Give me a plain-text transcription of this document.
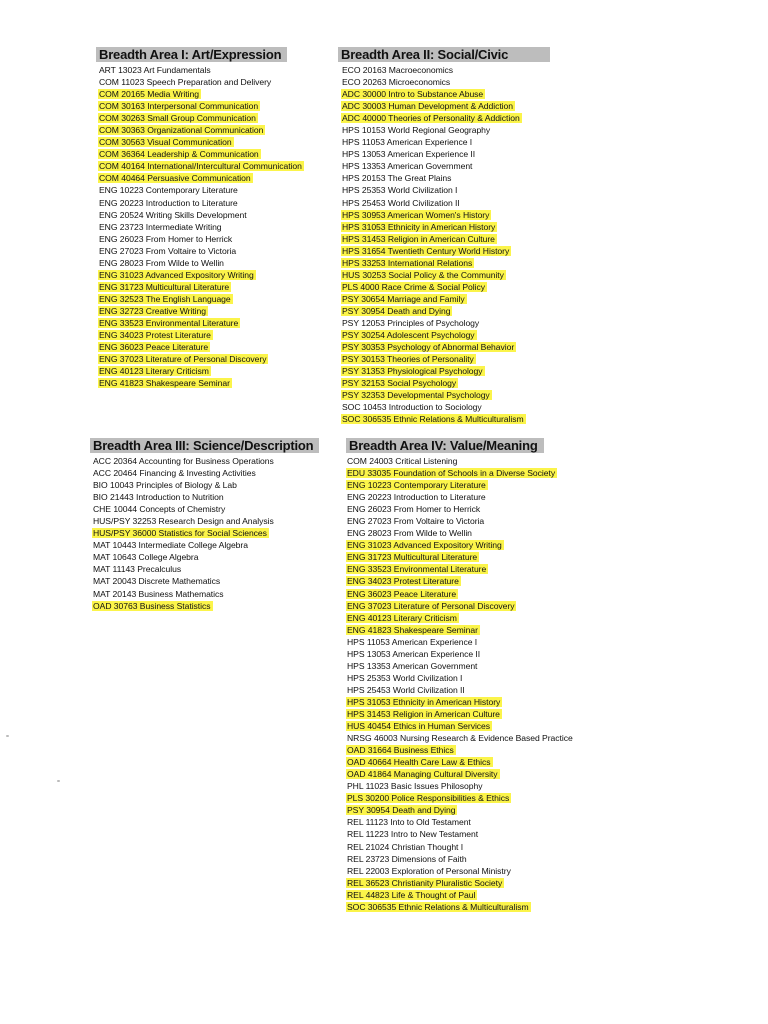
Breadth Area I: Art/Expression
ART 13023 Art Fundamentals
COM 11023 Speech Preparation and Delivery
COM 20165 Media Writing
COM 30163 Interpersonal Communication
COM 30263 Small Group Communication
COM 30363 Organizational Communication
COM 30563 Visual Communication
COM 36364 Leadership & Communication
COM 40164 International/Intercultural Communication
COM 40464 Persuasive Communication
ENG 10223 Contemporary Literature
ENG 20223 Introduction to Literature
ENG 20524 Writing Skills Development
ENG 23723 Intermediate Writing
ENG 26023 From Homer to Herrick
ENG 27023 From Voltaire to Victoria
ENG 28023 From Wilde to Wellin
ENG 31023 Advanced Expository Writing
ENG 31723 Multicultural Literature
ENG 32523 The English Language
ENG 32723 Creative Writing
ENG 33523 Environmental Literature
ENG 34023 Protest Literature
ENG 36023 Peace Literature
ENG 37023 Literature of Personal Discovery
ENG 40123 Literary Criticism
ENG 41823 Shakespeare Seminar
Breadth Area II: Social/Civic
ECO 20163 Macroeconomics
ECO 20263 Microeconomics
ADC 30000 Intro to Substance Abuse
ADC 30003 Human Development & Addiction
ADC 40000 Theories of Personality & Addiction
HPS 10153 World Regional Geography
HPS 11053 American Experience I
HPS 13053 American Experience II
HPS 13353 American Government
HPS 20153 The Great Plains
HPS 25353 World Civilization I
HPS 25453 World Civilization II
HPS 30953 American Women's History
HPS 31053 Ethnicity in American History
HPS 31453 Religion in American Culture
HPS 31654 Twentieth Century World History
HPS 33253 International Relations
HUS 30253 Social Policy & the Community
PLS 4000 Race Crime & Social Policy
PSY 30654 Marriage and Family
PSY 30954 Death and Dying
PSY 12053 Principles of Psychology
PSY 30254 Adolescent Psychology
PSY 30353 Psychology of Abnormal Behavior
PSY 30153 Theories of Personality
PSY 31353 Physiological Psychology
PSY 32153 Social Psychology
PSY 32353 Developmental Psychology
SOC 10453 Introduction to Sociology
SOC 306535 Ethnic Relations & Multiculturalism
Breadth Area III: Science/Description
ACC 20364 Accounting for Business Operations
ACC 20464 Financing & Investing Activities
BIO 10043 Principles of Biology & Lab
BIO 21443 Introduction to Nutrition
CHE 10044 Concepts of Chemistry
HUS/PSY 32253 Research Design and Analysis
HUS/PSY 36000 Statistics for Social Sciences
MAT 10443 Intermediate College Algebra
MAT 10643 College Algebra
MAT 11143 Precalculus
MAT 20043 Discrete Mathematics
MAT 20143 Business Mathematics
OAD 30763 Business Statistics
Breadth Area IV: Value/Meaning
COM 24003 Critical Listening
EDU 33035 Foundation of Schools in a Diverse Society
ENG 10223 Contemporary Literature
ENG 20223 Introduction to Literature
ENG 26023 From Homer to Herrick
ENG 27023 From Voltaire to Victoria
ENG 28023 From Wilde to Wellin
ENG 31023 Advanced Expository Writing
ENG 31723 Multicultural Literature
ENG 33523 Environmental Literature
ENG 34023 Protest Literature
ENG 36023 Peace Literature
ENG 37023 Literature of Personal Discovery
ENG 40123 Literary Criticism
ENG 41823 Shakespeare Seminar
HPS 11053 American Experience I
HPS 13053 American Experience II
HPS 13353 American Government
HPS 25353 World Civilization I
HPS 25453 World Civilization II
HPS 31053 Ethnicity in American History
HPS 31453 Religion in American Culture
HUS 40454 Ethics in Human Services
NRSG 46003 Nursing Research & Evidence Based Practice
OAD 31664 Business Ethics
OAD 40664 Health Care Law & Ethics
OAD 41864 Managing Cultural Diversity
PHL 11023 Basic Issues Philosophy
PLS 30200 Police Responsibilities & Ethics
PSY 30954 Death and Dying
REL 11123 Into to Old Testament
REL 11223 Intro to New Testament
REL 21024 Christian Thought I
REL 23723 Dimensions of Faith
REL 22003 Exploration of Personal Ministry
REL 36523 Christianity Pluralistic Society
REL 44823 Life & Thought of Paul
SOC 306535 Ethnic Relations & Multiculturalism
